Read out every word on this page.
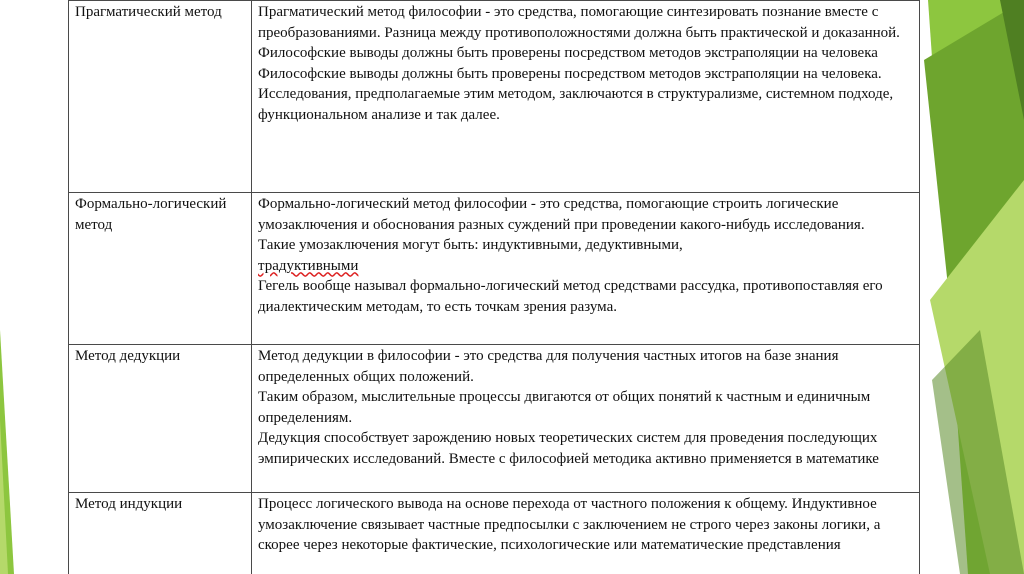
Прагматический метод	Прагматический метод философии - это средства, помогающие синтезировать познание вместе с преобразованиями. Разница между противоположностями должна быть практической и доказанной.
Философские выводы должны быть проверены посредством методов экстраполяции на человека
Философские выводы должны быть проверены посредством методов экстраполяции на человека.
Исследования, предполагаемые этим методом, заключаются в структурализме, системном подходе, функциональном анализе и так далее.

Формально-логический метод	Формально-логический метод философии - это средства, помогающие строить логические умозаключения и обоснования разных суждений при проведении какого-нибудь исследования.
Такие умозаключения могут быть: индуктивными, дедуктивными,
традуктивными
Гегель вообще называл формально-логический метод средствами рассудка, противопоставляя его диалектическим методам, то есть точкам зрения разума.

Метод дедукции	Метод дедукции в философии - это средства для получения частных итогов на базе знания определенных общих положений.
Таким образом, мыслительные процессы двигаются от общих понятий к частным и единичным определениям.
Дедукция способствует зарождению новых теоретических систем для проведения последующих эмпирических исследований. Вместе с философией методика активно применяется в математике

Метод индукции	Процесс логического вывода на основе перехода от частного положения к общему. Индуктивное умозаключение связывает частные предпосылки с заключением не строго через законы логики, а скорее через некоторые фактические, психологические или математические представления
